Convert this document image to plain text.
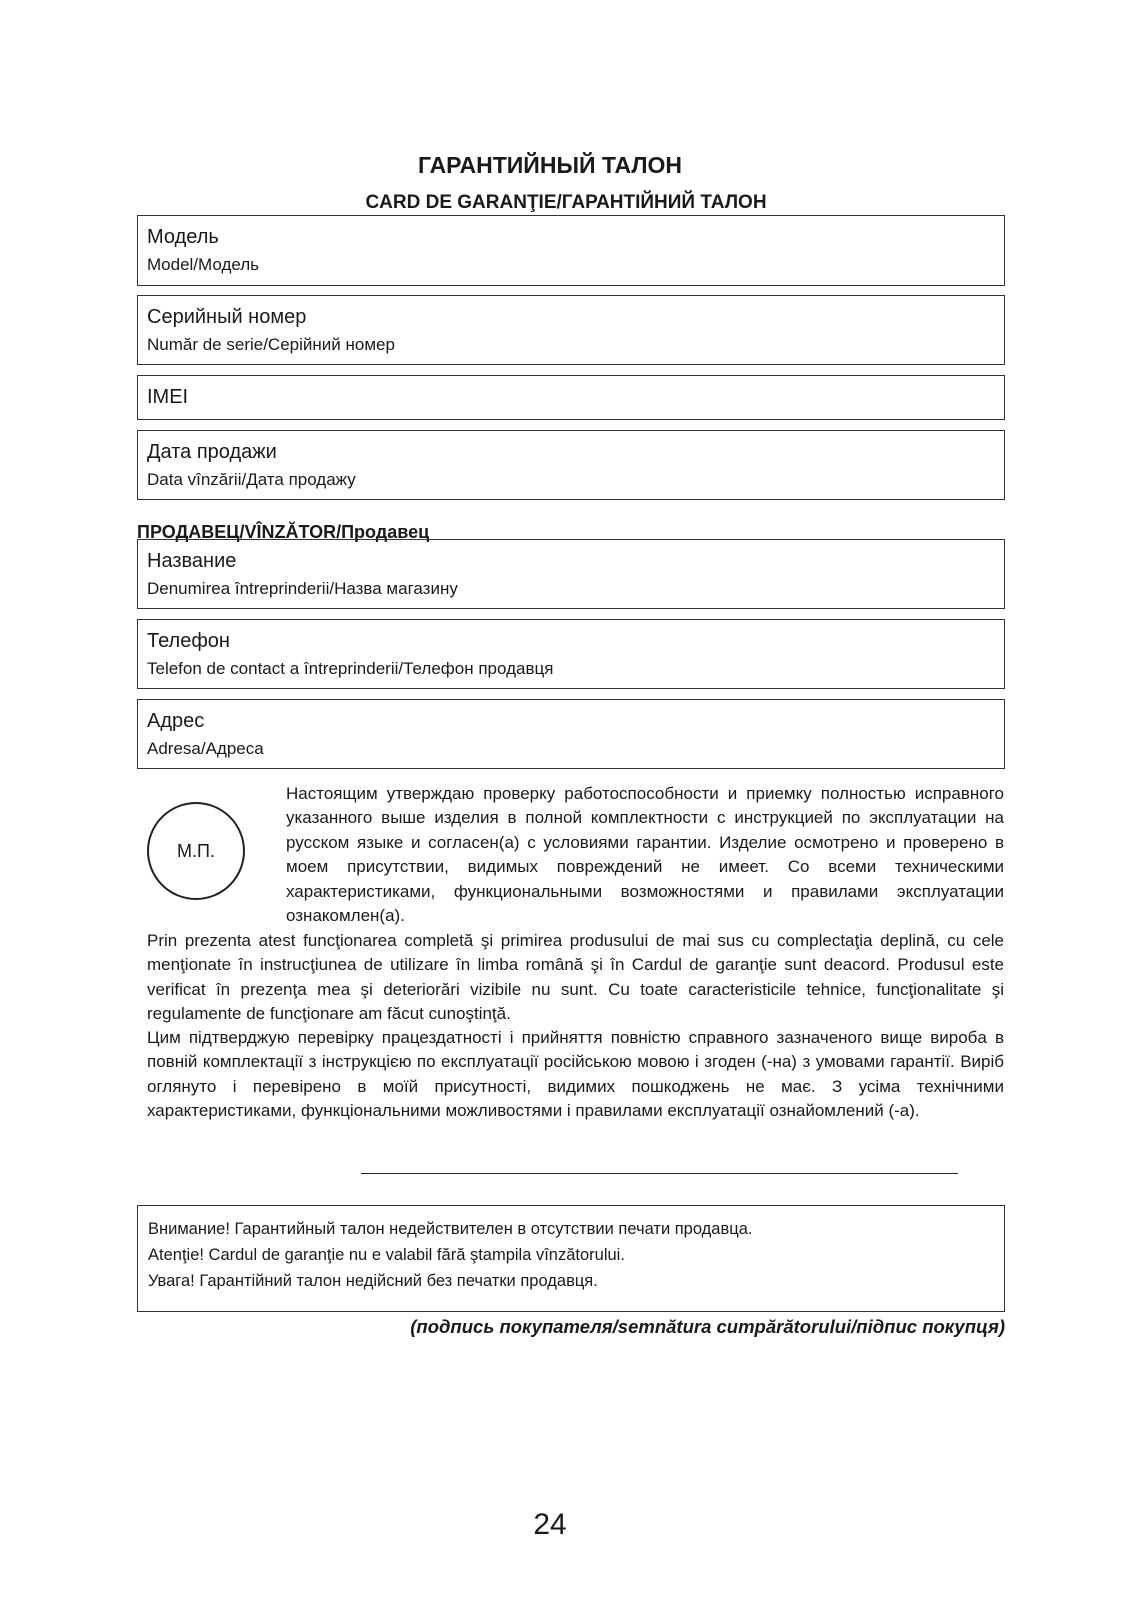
ГАРАНТИЙНЫЙ ТАЛОН
CARD DE GARANŢIE/ГАРАНТІЙНИЙ ТАЛОН
Модель
Model/Модель
Серийный номер
Număr de serie/Серійний номер
IMEI
Дата продажи
Data vînzării/Дата продажу
ПРОДАВЕЦ/VÎNZĂTOR/Продавец
Название
Denumirea întreprinderii/Назва магазину
Телефон
Telefon de contact a întreprinderii/Телефон продавця
Адрес
Adresa/Адреса
М.П.
Настоящим утверждаю проверку работоспособности и приемку полностью исправного указанного выше изделия в полной комплектности с инструкцией по эксплуатации на русском языке и согласен(а) с условиями гарантии. Изделие осмотрено и проверено в моем присутствии, видимых повреждений не имеет. Со всеми техническими характеристиками, функциональными возможностями и правилами эксплуатации ознакомлен(а).
Prin prezenta atest funcţionarea completă şi primirea produsului de mai sus cu complectaţia deplină, cu cele menţionate în instrucţiunea de utilizare în limba română şi în Cardul de garanţie sunt deacord. Produsul este verificat în prezenţa mea şi deteriorări vizibile nu sunt. Cu toate caracteristicile tehnice, funcţionalitate şi regulamente de funcţionare am făcut cunoştinţă.
Цим підтверджую перевірку працездатності і прийняття повністю справного зазначеного вище виробa в повній комплектації з інструкцією по експлуатації російською мовою і згоден (-на) з умовами гарантії. Виріб оглянуто і перевірено в моїй присутності, видимих пошкоджень не має. З усіма технічними характеристиками, функціональними можливостями і правилами експлуатації ознайомлений (-а).
Внимание! Гарантийный талон недействителен в отсутствии печати продавца.
Atenţie! Cardul de garanţie nu e valabil fără ştampila vînzătorului.
Увага! Гарантійний талон недійсний без печатки продавця.
(подпись покупателя/semnătura cumpărătorului/підпис покупця)
24
